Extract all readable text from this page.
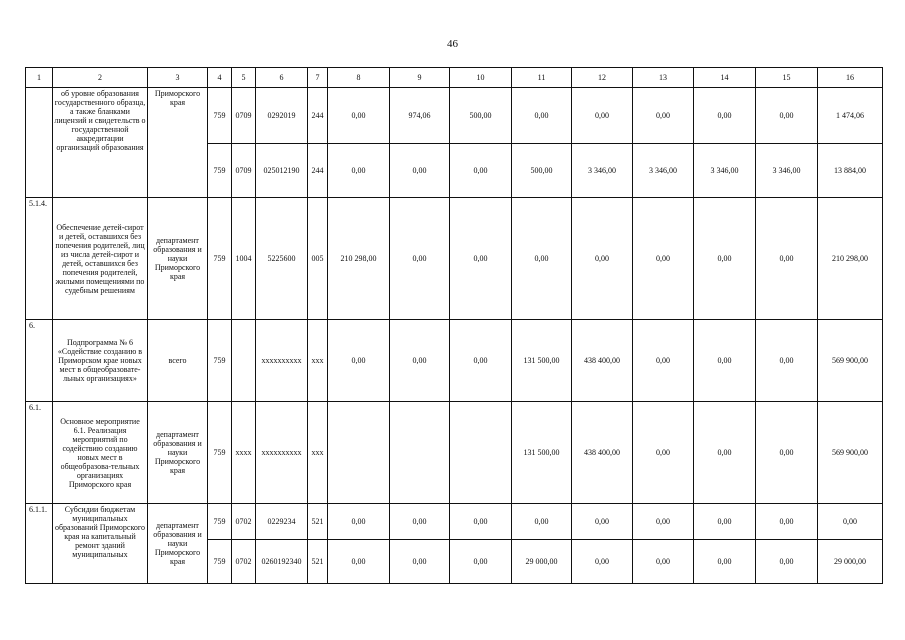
46
1	2	3	4	5	6	7	8	9	10	11	12	13	14	15	16
	об уровне образования государственного образца, а также бланками лицензий и свидетельств о государственной аккредитации организаций образования	Приморского края	759	0709	0292019	244	0,00	974,06	500,00	0,00	0,00	0,00	0,00	0,00	1 474,06
			759	0709	025012190	244	0,00	0,00	0,00	500,00	3 346,00	3 346,00	3 346,00	3 346,00	13 884,00
5.1.4.	Обеспечение детей-сирот и детей, оставшихся без попечения родителей, лиц из числа детей-сирот и детей, оставшихся без попечения родителей, жилыми помещениями по судебным решениям	департамент образования и науки Приморского края	759	1004	5225600	005	210 298,00	0,00	0,00	0,00	0,00	0,00	0,00	0,00	210 298,00
6.	Подпрограмма № 6 «Содействие созданию в Приморском крае новых мест в общеобразовате-льных организациях»	всего	759		xxxxxxxxxx	xxx	0,00	0,00	0,00	131 500,00	438 400,00	0,00	0,00	0,00	569 900,00
6.1.	Основное мероприятие 6.1. Реализация мероприятий по содействию созданию новых мест в общеобразова-тельных организациях Приморского края	департамент образования и науки Приморского края	759	xxxx	xxxxxxxxxx	xxx				131 500,00	438 400,00	0,00	0,00	0,00	569 900,00
6.1.1.	Субсидии бюджетам муниципальных образований Приморского края на капитальный ремонт зданий муниципальных	департамент образования и науки Приморского края	759	0702	0229234	521	0,00	0,00	0,00	0,00	0,00	0,00	0,00	0,00	0,00
			759	0702	0260192340	521	0,00	0,00	0,00	29 000,00	0,00	0,00	0,00	0,00	29 000,00
